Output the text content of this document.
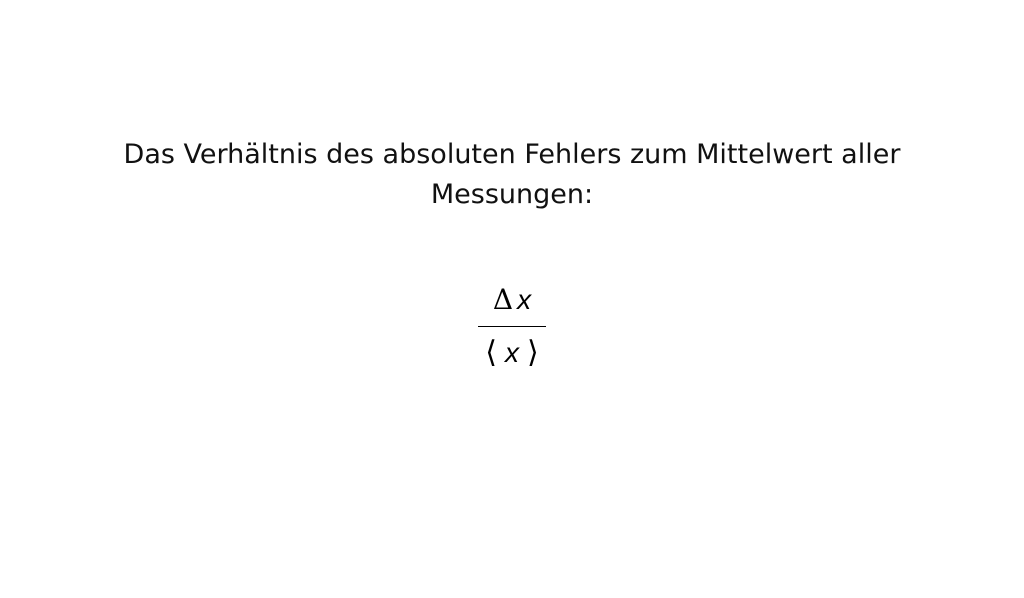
Das Verhältnis des absoluten Fehlers zum Mittelwert aller
Messungen:
Δ x
⟨ x ⟩
